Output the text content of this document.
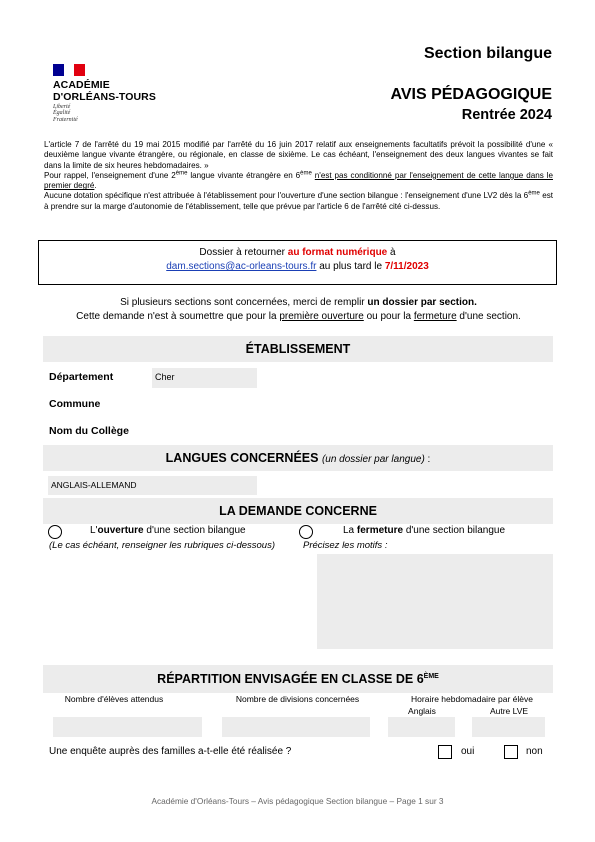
ACADÉMIE
D'ORLÉANS-TOURS
Liberté
Égalité
Fraternité
Section bilangue
AVIS PÉDAGOGIQUE
Rentrée 2024

L'article 7 de l'arrêté du 19 mai 2015 modifié par l'arrêté du 16 juin 2017 relatif aux enseignements facultatifs prévoit la possibilité d'une « deuxième langue vivante étrangère, ou régionale, en classe de sixième. Le cas échéant, l'enseignement des deux langues vivantes se fait dans la limite de six heures hebdomadaires. »

Pour rappel, l'enseignement d'une 2ème langue vivante étrangère en 6ème n'est pas conditionné par l'enseignement de cette langue dans le premier degré.

Aucune dotation spécifique n'est attribuée à l'établissement pour l'ouverture d'une section bilangue : l'enseignement d'une LV2 dès la 6ème est à prendre sur la marge d'autonomie de l'établissement, telle que prévue par l'article 6 de l'arrêté cité ci-dessus.

Dossier à retourner au format numérique à
dam.sections@ac-orleans-tours.fr au plus tard le 7/11/2023
Si plusieurs sections sont concernées, merci de remplir un dossier par section.
Cette demande n'est à soumettre que pour la première ouverture ou pour la fermeture d'une section.
ÉTABLISSEMENT
Département	Cher
Commune
Nom du Collège
LANGUES CONCERNÉES (un dossier par langue) :
ANGLAIS-ALLEMAND
LA DEMANDE CONCERNE
L'ouverture d'une section bilangue
(Le cas échéant, renseigner les rubriques ci-dessous)
La fermeture d'une section bilangue
Précisez les motifs :
RÉPARTITION ENVISAGÉE EN CLASSE DE 6ÈME
Nombre d'élèves attendus	Nombre de divisions concernées	Horaire hebdomadaire par élève
Anglais	Autre LVE
Une enquête auprès des familles a-t-elle été réalisée ?	oui	non
Académie d'Orléans-Tours – Avis pédagogique Section bilangue – Page 1 sur 3
